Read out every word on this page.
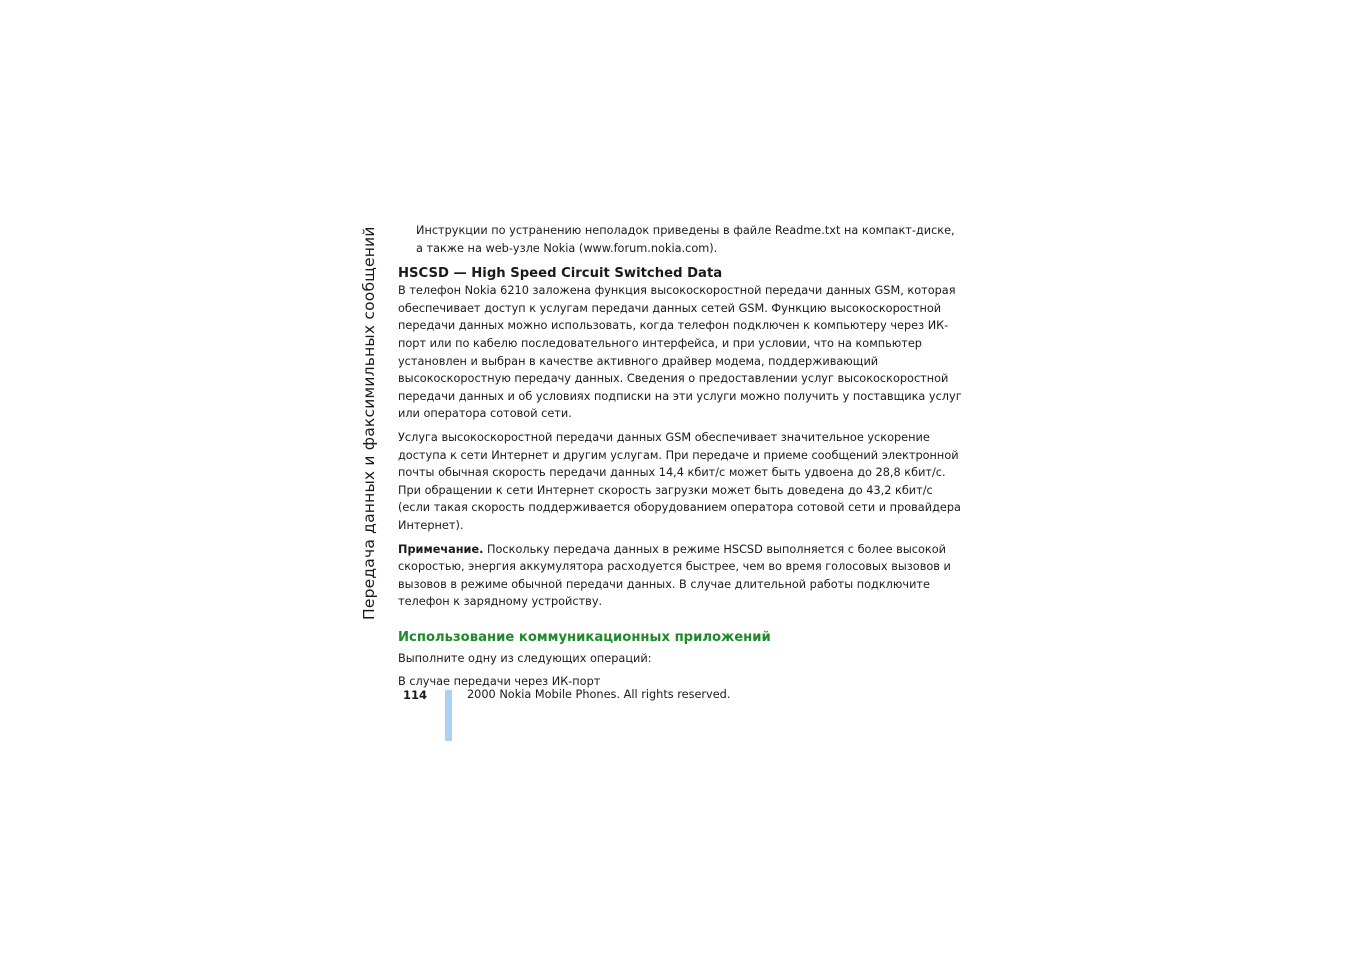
Передача данных и факсимильных сообщений	Инструкции по устранению неполадок приведены в файле Readme.txt на компакт-диске, а также на web-узле Nokia (www.forum.nokia.com).

HSCSD — High Speed Circuit Switched Data

В телефон Nokia 6210 заложена функция высокоскоростной передачи данных GSM, которая обеспечивает доступ к услугам передачи данных сетей GSM. Функцию высокоскоростной передачи данных можно использовать, когда телефон подключен к компьютеру через ИК-порт или по кабелю последовательного интерфейса, и при условии, что на компьютер установлен и выбран в качестве активного драйвер модема, поддерживающий высокоскоростную передачу данных. Сведения о предоставлении услуг высокоскоростной передачи данных и об условиях подписки на эти услуги можно получить у поставщика услуг или оператора сотовой сети.

Услуга высокоскоростной передачи данных GSM обеспечивает значительное ускорение доступа к сети Интернет и другим услугам. При передаче и приеме сообщений электронной почты обычная скорость передачи данных 14,4 кбит/с может быть удвоена до 28,8 кбит/с. При обращении к сети Интернет скорость загрузки может быть доведена до 43,2 кбит/с (если такая скорость поддерживается оборудованием оператора сотовой сети и провайдера Интернет).

Примечание. Поскольку передача данных в режиме HSCSD выполняется с более высокой скоростью, энергия аккумулятора расходуется быстрее, чем во время голосовых вызовов и вызовов в режиме обычной передачи данных. В случае длительной работы подключите телефон к зарядному устройству.

Использование коммуникационных приложений

Выполните одну из следующих операций:

В случае передачи через ИК-порт

114	2000 Nokia Mobile Phones. All rights reserved.
